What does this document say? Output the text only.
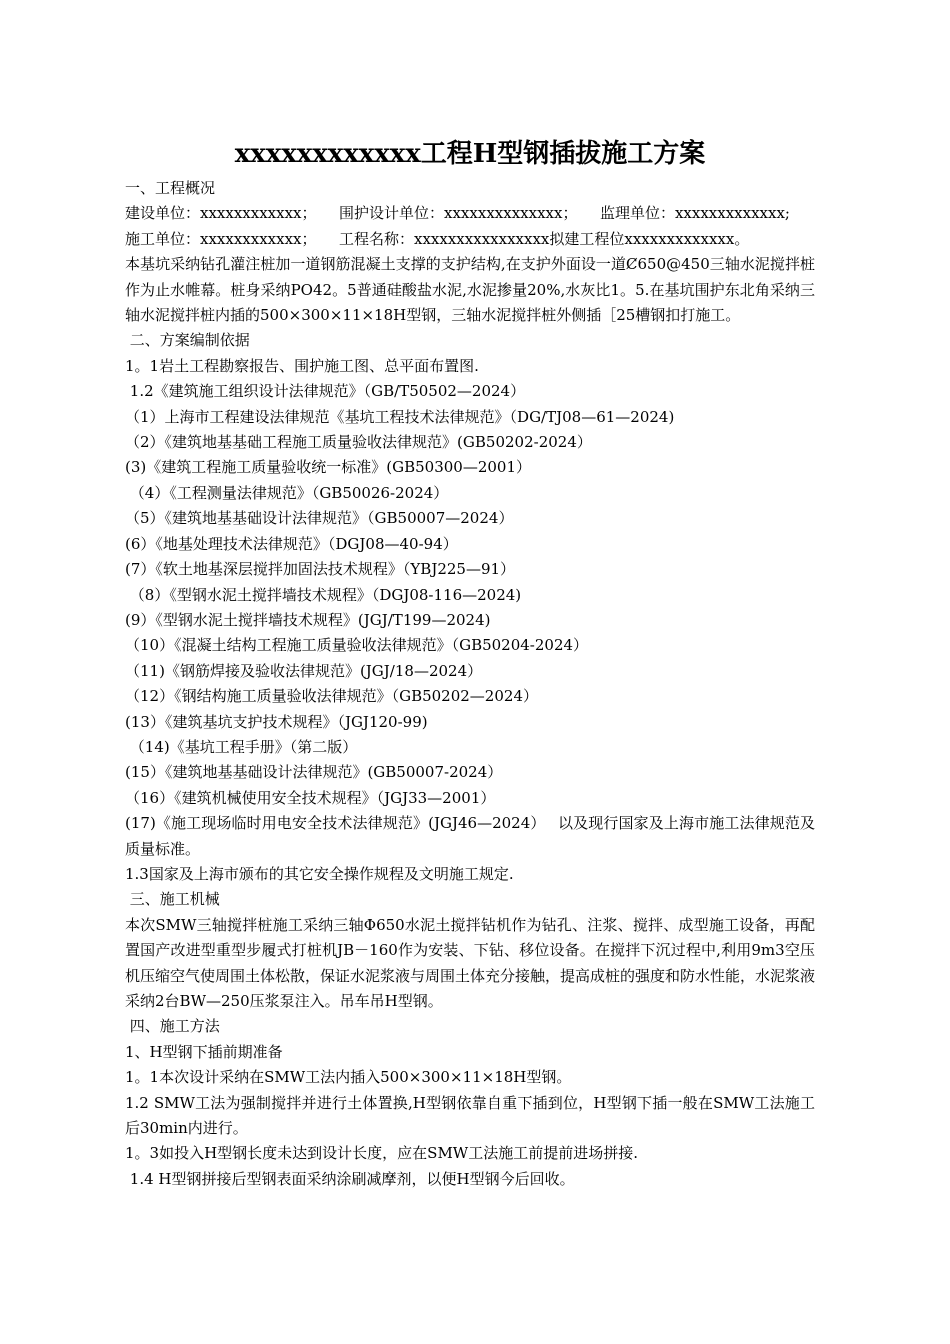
xxxxxxxxxxxx工程H型钢插拔施工方案

一、工程概况

建设单位：xxxxxxxxxxxx；　　围护设计单位：xxxxxxxxxxxxxx；　　监理单位：xxxxxxxxxxxxx;

施工单位：xxxxxxxxxxxx；　　工程名称：xxxxxxxxxxxxxxxx拟建工程位xxxxxxxxxxxxx。

本基坑采纳钻孔灌注桩加一道钢筋混凝土支撑的支护结构,在支护外面设一道Ȼ650@450三轴水泥搅拌桩作为止水帷幕。桩身采纳PO42。5普通硅酸盐水泥,水泥掺量20%,水灰比1。5.在基坑围护东北角采纳三轴水泥搅拌桩内插的500×300×11×18H型钢，三轴水泥搅拌桩外侧插［25槽钢扣打施工。

二、方案编制依据

1。1岩土工程勘察报告、围护施工图、总平面布置图.

1.2《建筑施工组织设计法律规范》（GB/T50502—2024）

（1）上海市工程建设法律规范《基坑工程技术法律规范》（DG/TJ08—61—2024)

（2）《建筑地基基础工程施工质量验收法律规范》(GB50202-2024）

(3)《建筑工程施工质量验收统一标准》(GB50300—2001）

（4）《工程测量法律规范》（GB50026-2024）

（5）《建筑地基基础设计法律规范》（GB50007—2024）

(6）《地基处理技术法律规范》（DGJ08—40-94）

(7）《软土地基深层搅拌加固法技术规程》（YBJ225—91）

（8）《型钢水泥土搅拌墙技术规程》（DGJ08-116—2024)

(9）《型钢水泥土搅拌墙技术规程》(JGJ/T199—2024)

（10）《混凝土结构工程施工质量验收法律规范》（GB50204-2024）

（11)《钢筋焊接及验收法律规范》(JGJ/18—2024）

（12）《钢结构施工质量验收法律规范》（GB50202—2024）

(13）《建筑基坑支护技术规程》（JGJ120-99)

（14)《基坑工程手册》（第二版）

(15）《建筑地基基础设计法律规范》(GB50007-2024）

（16）《建筑机械使用安全技术规程》（JGJ33—2001）

(17)《施工现场临时用电安全技术法律规范》(JGJ46—2024）　 以及现行国家及上海市施工法律规范及质量标准。

1.3国家及上海市颁布的其它安全操作规程及文明施工规定.

三、施工机械

本次SMW三轴搅拌桩施工采纳三轴Φ650水泥土搅拌钻机作为钻孔、注浆、搅拌、成型施工设备，再配置国产改进型重型步履式打桩机JB－160作为安装、下钻、移位设备。在搅拌下沉过程中,利用9m3空压机压缩空气使周围土体松散，保证水泥浆液与周围土体充分接触，提高成桩的强度和防水性能，水泥浆液采纳2台BW—250压浆泵注入。吊车吊H型钢。

四、施工方法

1、H型钢下插前期准备

1。1本次设计采纳在SMW工法内插入500×300×11×18H型钢。

1.2 SMW工法为强制搅拌并进行土体置换,H型钢依靠自重下插到位，H型钢下插一般在SMW工法施工后30min内进行。

1。3如投入H型钢长度未达到设计长度，应在SMW工法施工前提前进场拼接.

1.4 H型钢拼接后型钢表面采纳涂刷减摩剂，以便H型钢今后回收。
